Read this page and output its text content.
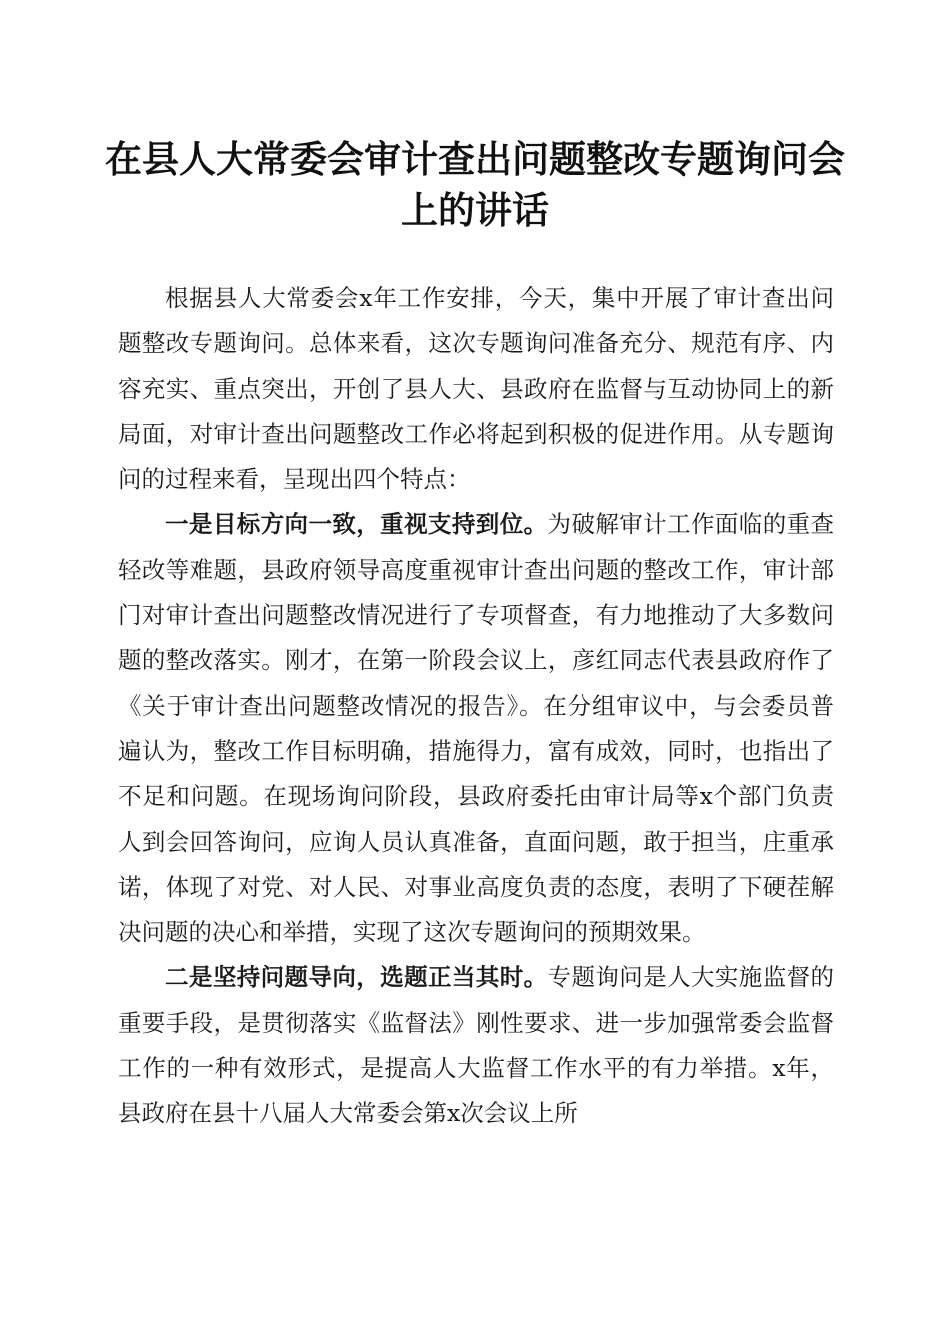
在县人大常委会审计查出问题整改专题询问会
上的讲话

根据县人大常委会x年工作安排，今天，集中开展了审计查出问题整改专题询问。总体来看，这次专题询问准备充分、规范有序、内容充实、重点突出，开创了县人大、县政府在监督与互动协同上的新局面，对审计查出问题整改工作必将起到积极的促进作用。从专题询问的过程来看，呈现出四个特点：

一是目标方向一致，重视支持到位。为破解审计工作面临的重查轻改等难题，县政府领导高度重视审计查出问题的整改工作，审计部门对审计查出问题整改情况进行了专项督查，有力地推动了大多数问题的整改落实。刚才，在第一阶段会议上，彦红同志代表县政府作了《关于审计查出问题整改情况的报告》。在分组审议中，与会委员普遍认为，整改工作目标明确，措施得力，富有成效，同时，也指出了不足和问题。在现场询问阶段，县政府委托由审计局等x个部门负责人到会回答询问，应询人员认真准备，直面问题，敢于担当，庄重承诺，体现了对党、对人民、对事业高度负责的态度，表明了下硬茬解决问题的决心和举措，实现了这次专题询问的预期效果。

二是坚持问题导向，选题正当其时。专题询问是人大实施监督的重要手段，是贯彻落实《监督法》刚性要求、进一步加强常委会监督工作的一种有效形式，是提高人大监督工作水平的有力举措。x年，县政府在县十八届人大常委会第x次会议上所
